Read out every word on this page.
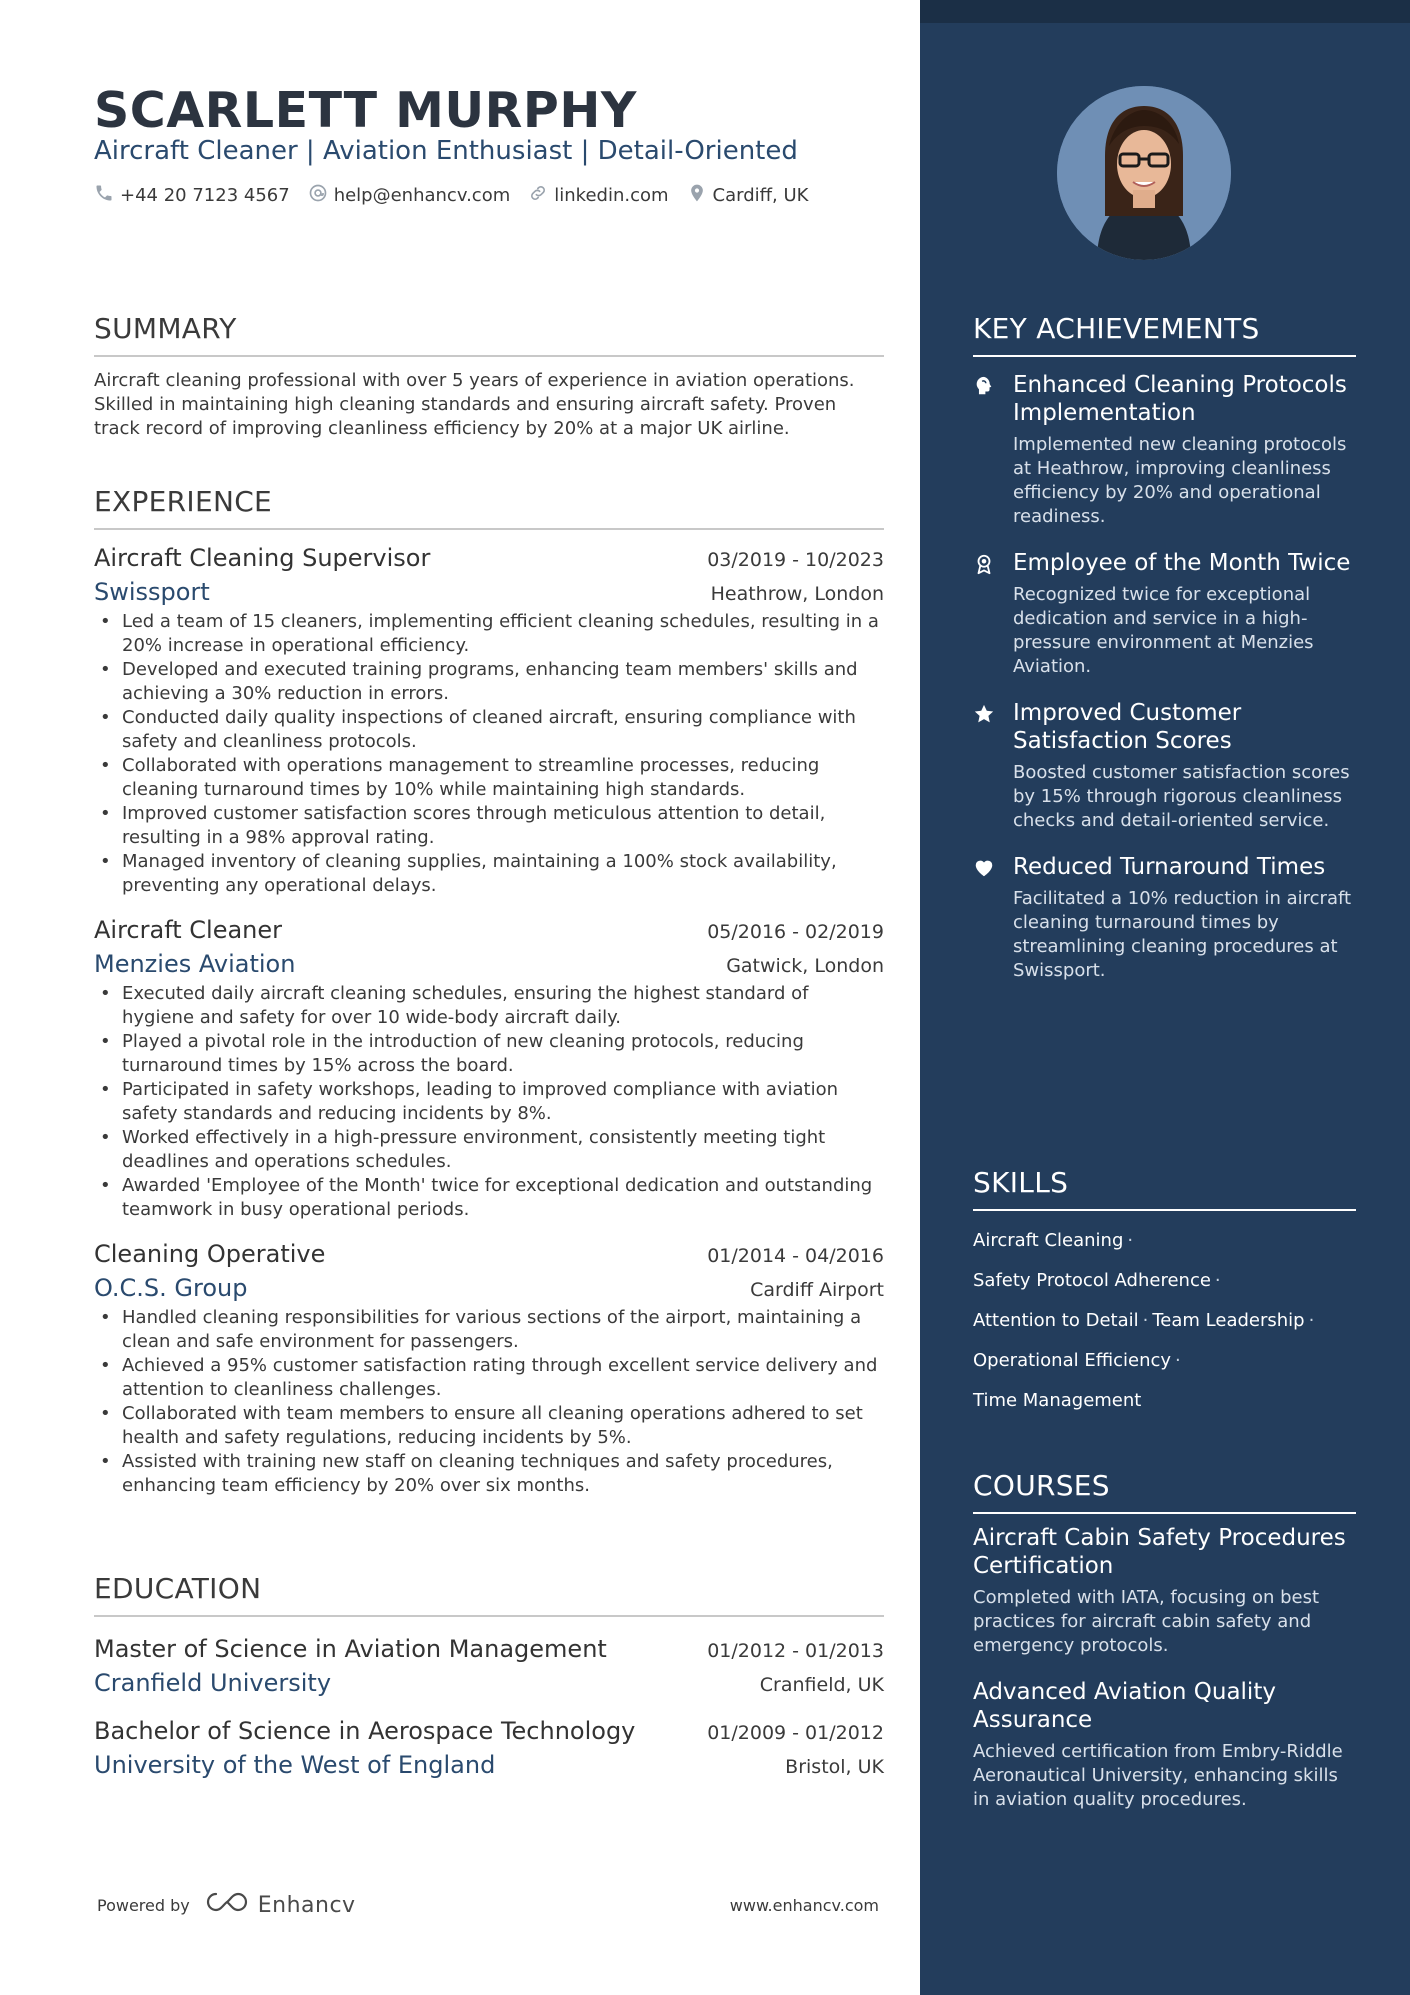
SCARLETT MURPHY
Aircraft Cleaner | Aviation Enthusiast | Detail-Oriented
+44 20 7123 4567 help@enhancv.com linkedin.com Cardiff, UK
SUMMARY
Aircraft cleaning professional with over 5 years of experience in aviation operations. Skilled in maintaining high cleaning standards and ensuring aircraft safety. Proven track record of improving cleanliness efficiency by 20% at a major UK airline.
EXPERIENCE
Aircraft Cleaning Supervisor	03/2019 - 10/2023
Swissport	Heathrow, London
• Led a team of 15 cleaners, implementing efficient cleaning schedules, resulting in a 20% increase in operational efficiency.
• Developed and executed training programs, enhancing team members' skills and achieving a 30% reduction in errors.
• Conducted daily quality inspections of cleaned aircraft, ensuring compliance with safety and cleanliness protocols.
• Collaborated with operations management to streamline processes, reducing cleaning turnaround times by 10% while maintaining high standards.
• Improved customer satisfaction scores through meticulous attention to detail, resulting in a 98% approval rating.
• Managed inventory of cleaning supplies, maintaining a 100% stock availability, preventing any operational delays.
Aircraft Cleaner	05/2016 - 02/2019
Menzies Aviation	Gatwick, London
• Executed daily aircraft cleaning schedules, ensuring the highest standard of hygiene and safety for over 10 wide-body aircraft daily.
• Played a pivotal role in the introduction of new cleaning protocols, reducing turnaround times by 15% across the board.
• Participated in safety workshops, leading to improved compliance with aviation safety standards and reducing incidents by 8%.
• Worked effectively in a high-pressure environment, consistently meeting tight deadlines and operations schedules.
• Awarded 'Employee of the Month' twice for exceptional dedication and outstanding teamwork in busy operational periods.
Cleaning Operative	01/2014 - 04/2016
O.C.S. Group	Cardiff Airport
• Handled cleaning responsibilities for various sections of the airport, maintaining a clean and safe environment for passengers.
• Achieved a 95% customer satisfaction rating through excellent service delivery and attention to cleanliness challenges.
• Collaborated with team members to ensure all cleaning operations adhered to set health and safety regulations, reducing incidents by 5%.
• Assisted with training new staff on cleaning techniques and safety procedures, enhancing team efficiency by 20% over six months.
EDUCATION
Master of Science in Aviation Management	01/2012 - 01/2013
Cranfield University	Cranfield, UK
Bachelor of Science in Aerospace Technology	01/2009 - 01/2012
University of the West of England	Bristol, UK
Powered by	Enhancv	www.enhancv.com
KEY ACHIEVEMENTS
Enhanced Cleaning Protocols Implementation
Implemented new cleaning protocols at Heathrow, improving cleanliness efficiency by 20% and operational readiness.
Employee of the Month Twice
Recognized twice for exceptional dedication and service in a high-pressure environment at Menzies Aviation.
Improved Customer Satisfaction Scores
Boosted customer satisfaction scores by 15% through rigorous cleanliness checks and detail-oriented service.
Reduced Turnaround Times
Facilitated a 10% reduction in aircraft cleaning turnaround times by streamlining cleaning procedures at Swissport.
SKILLS
Aircraft Cleaning ·
Safety Protocol Adherence ·
Attention to Detail · Team Leadership ·
Operational Efficiency ·
Time Management
COURSES
Aircraft Cabin Safety Procedures Certification
Completed with IATA, focusing on best practices for aircraft cabin safety and emergency protocols.
Advanced Aviation Quality Assurance
Achieved certification from Embry-Riddle Aeronautical University, enhancing skills in aviation quality procedures.
